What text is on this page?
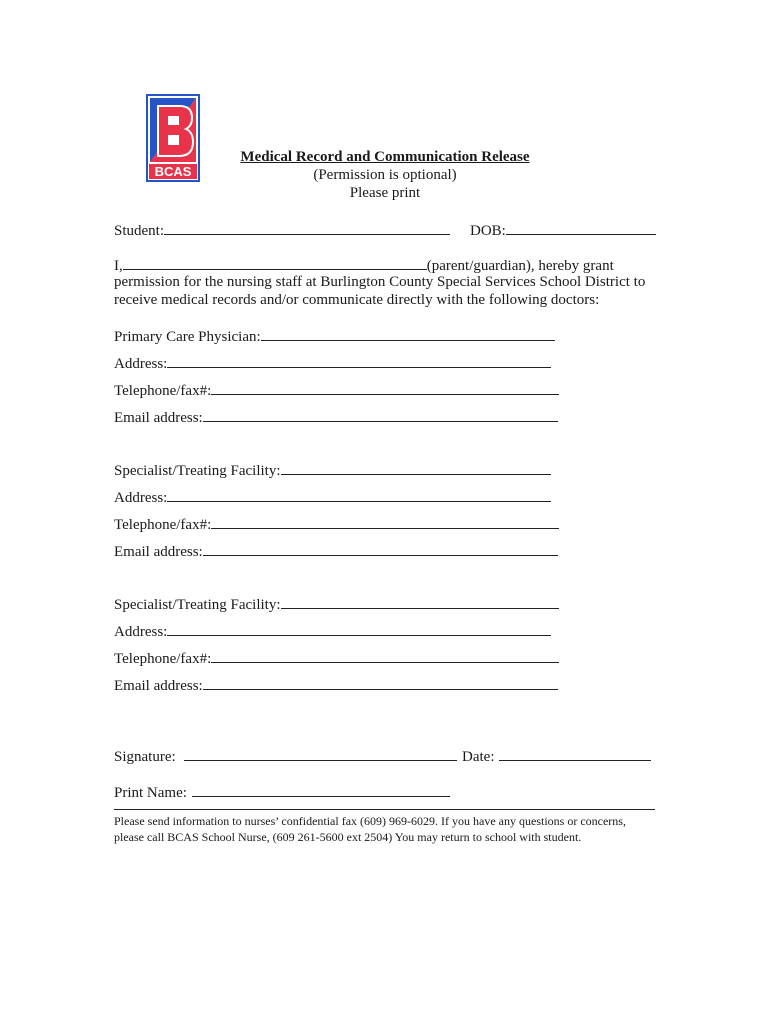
BCAS
Medical Record and Communication Release
(Permission is optional)
Please print
Student:	DOB:
I,	(parent/guardian), hereby grant
permission for the nursing staff at Burlington County Special Services School District to
receive medical records and/or communicate directly with the following doctors:
Primary Care Physician:
Address:
Telephone/fax#:
Email address:
Specialist/Treating Facility:
Address:
Telephone/fax#:
Email address:
Specialist/Treating Facility:
Address:
Telephone/fax#:
Email address:
Signature:	Date:
Print Name:
Please send information to nurses’ confidential fax (609) 969-6029. If you have any questions or concerns,
please call BCAS School Nurse, (609 261-5600 ext 2504) You may return to school with student.
